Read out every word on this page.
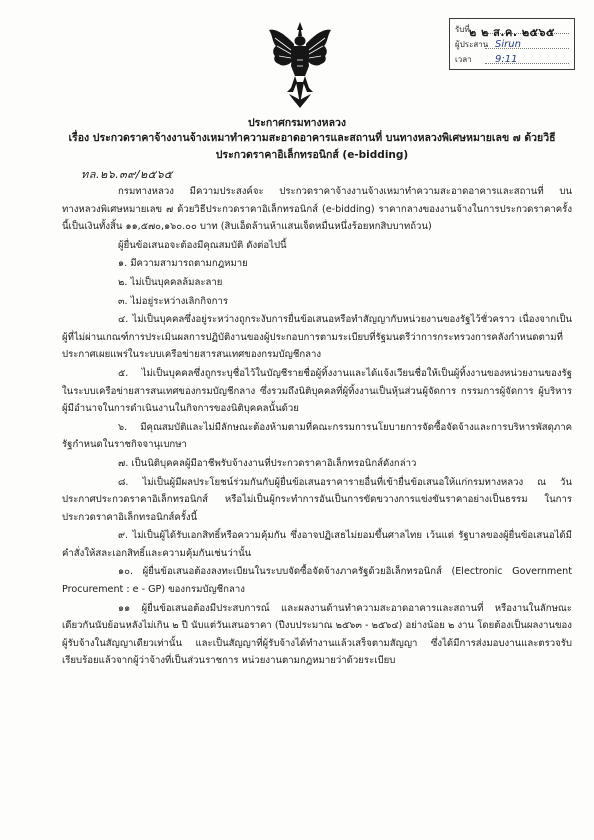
รับที่ ๒ ๒ ส.ค. ๒๕๖๕
ผู้ประสาน Sirun
เวลา 9:11
ประกาศกรมทางหลวง
เรื่อง ประกวดราคาจ้างงานจ้างเหมาทำความสะอาดอาคารและสถานที่ บนทางหลวงพิเศษหมายเลข ๗ ด้วยวิธี
ประกวดราคาอิเล็กทรอนิกส์ (e-bidding)
ทล.๒๖.๓๙/๒๕๖๕

กรมทางหลวง มีความประสงค์จะ ประกวดราคาจ้างงานจ้างเหมาทำความสะอาดอาคารและสถานที่ บนทางหลวงพิเศษหมายเลข ๗ ด้วยวิธีประกวดราคาอิเล็กทรอนิกส์ (e-bidding) ราคากลางของงานจ้างในการประกวดราคาครั้งนี้เป็นเงินทั้งสิ้น ๑๑,๕๗๐,๑๖๐.๐๐ บาท (สิบเอ็ดล้านห้าแสนเจ็ดหมื่นหนึ่งร้อยหกสิบบาทถ้วน)

ผู้ยื่นข้อเสนอจะต้องมีคุณสมบัติ ดังต่อไปนี้

๑. มีความสามารถตามกฎหมาย

๒. ไม่เป็นบุคคลล้มละลาย

๓. ไม่อยู่ระหว่างเลิกกิจการ

๔. ไม่เป็นบุคคลซึ่งอยู่ระหว่างถูกระงับการยื่นข้อเสนอหรือทำสัญญากับหน่วยงานของรัฐไว้ชั่วคราว เนื่องจากเป็นผู้ที่ไม่ผ่านเกณฑ์การประเมินผลการปฏิบัติงานของผู้ประกอบการตามระเบียบที่รัฐมนตรีว่าการกระทรวงการคลังกำหนดตามที่ประกาศเผยแพร่ในระบบเครือข่ายสารสนเทศของกรมบัญชีกลาง

๕. ไม่เป็นบุคคลซึ่งถูกระบุชื่อไว้ในบัญชีรายชื่อผู้ทิ้งงานและได้แจ้งเวียนชื่อให้เป็นผู้ทิ้งงานของหน่วยงานของรัฐในระบบเครือข่ายสารสนเทศของกรมบัญชีกลาง ซึ่งรวมถึงนิติบุคคลที่ผู้ทิ้งงานเป็นหุ้นส่วนผู้จัดการ กรรมการผู้จัดการ ผู้บริหาร ผู้มีอำนาจในการดำเนินงานในกิจการของนิติบุคคลนั้นด้วย

๖. มีคุณสมบัติและไม่มีลักษณะต้องห้ามตามที่คณะกรรมการนโยบายการจัดซื้อจัดจ้างและการบริหารพัสดุภาครัฐกำหนดในราชกิจจานุเบกษา

๗. เป็นนิติบุคคลผู้มีอาชีพรับจ้างงานที่ประกวดราคาอิเล็กทรอนิกส์ดังกล่าว

๘. ไม่เป็นผู้มีผลประโยชน์ร่วมกันกับผู้ยื่นข้อเสนอราคารายอื่นที่เข้ายื่นข้อเสนอให้แก่กรมทางหลวง ณ วันประกาศประกวดราคาอิเล็กทรอนิกส์ หรือไม่เป็นผู้กระทำการอันเป็นการขัดขวางการแข่งขันราคาอย่างเป็นธรรม ในการประกวดราคาอิเล็กทรอนิกส์ครั้งนี้

๙. ไม่เป็นผู้ได้รับเอกสิทธิ์หรือความคุ้มกัน ซึ่งอาจปฏิเสธไม่ยอมขึ้นศาลไทย เว้นแต่ รัฐบาลของผู้ยื่นข้อเสนอได้มีคำสั่งให้สละเอกสิทธิ์และความคุ้มกันเช่นว่านั้น

๑๐. ผู้ยื่นข้อเสนอต้องลงทะเบียนในระบบจัดซื้อจัดจ้างภาครัฐด้วยอิเล็กทรอนิกส์ (Electronic Government Procurement : e - GP) ของกรมบัญชีกลาง

๑๑ ผู้ยื่นข้อเสนอต้องมีประสบการณ์ และผลงานด้านทำความสะอาดอาคารและสถานที่ หรืองานในลักษณะเดียวกันนับย้อนหลังไม่เกิน ๒ ปี นับแต่วันเสนอราคา (ปีงบประมาณ ๒๕๖๓ - ๒๕๖๔) อย่างน้อย ๒ งาน โดยต้องเป็นผลงานของผู้รับจ้างในสัญญาเดียวเท่านั้น และเป็นสัญญาที่ผู้รับจ้างได้ทำงานแล้วเสร็จตามสัญญา ซึ่งได้มีการส่งมอบงานและตรวจรับเรียบร้อยแล้วจากผู้ว่าจ้างที่เป็นส่วนราชการ หน่วยงานตามกฎหมายว่าด้วยระเบียบ
